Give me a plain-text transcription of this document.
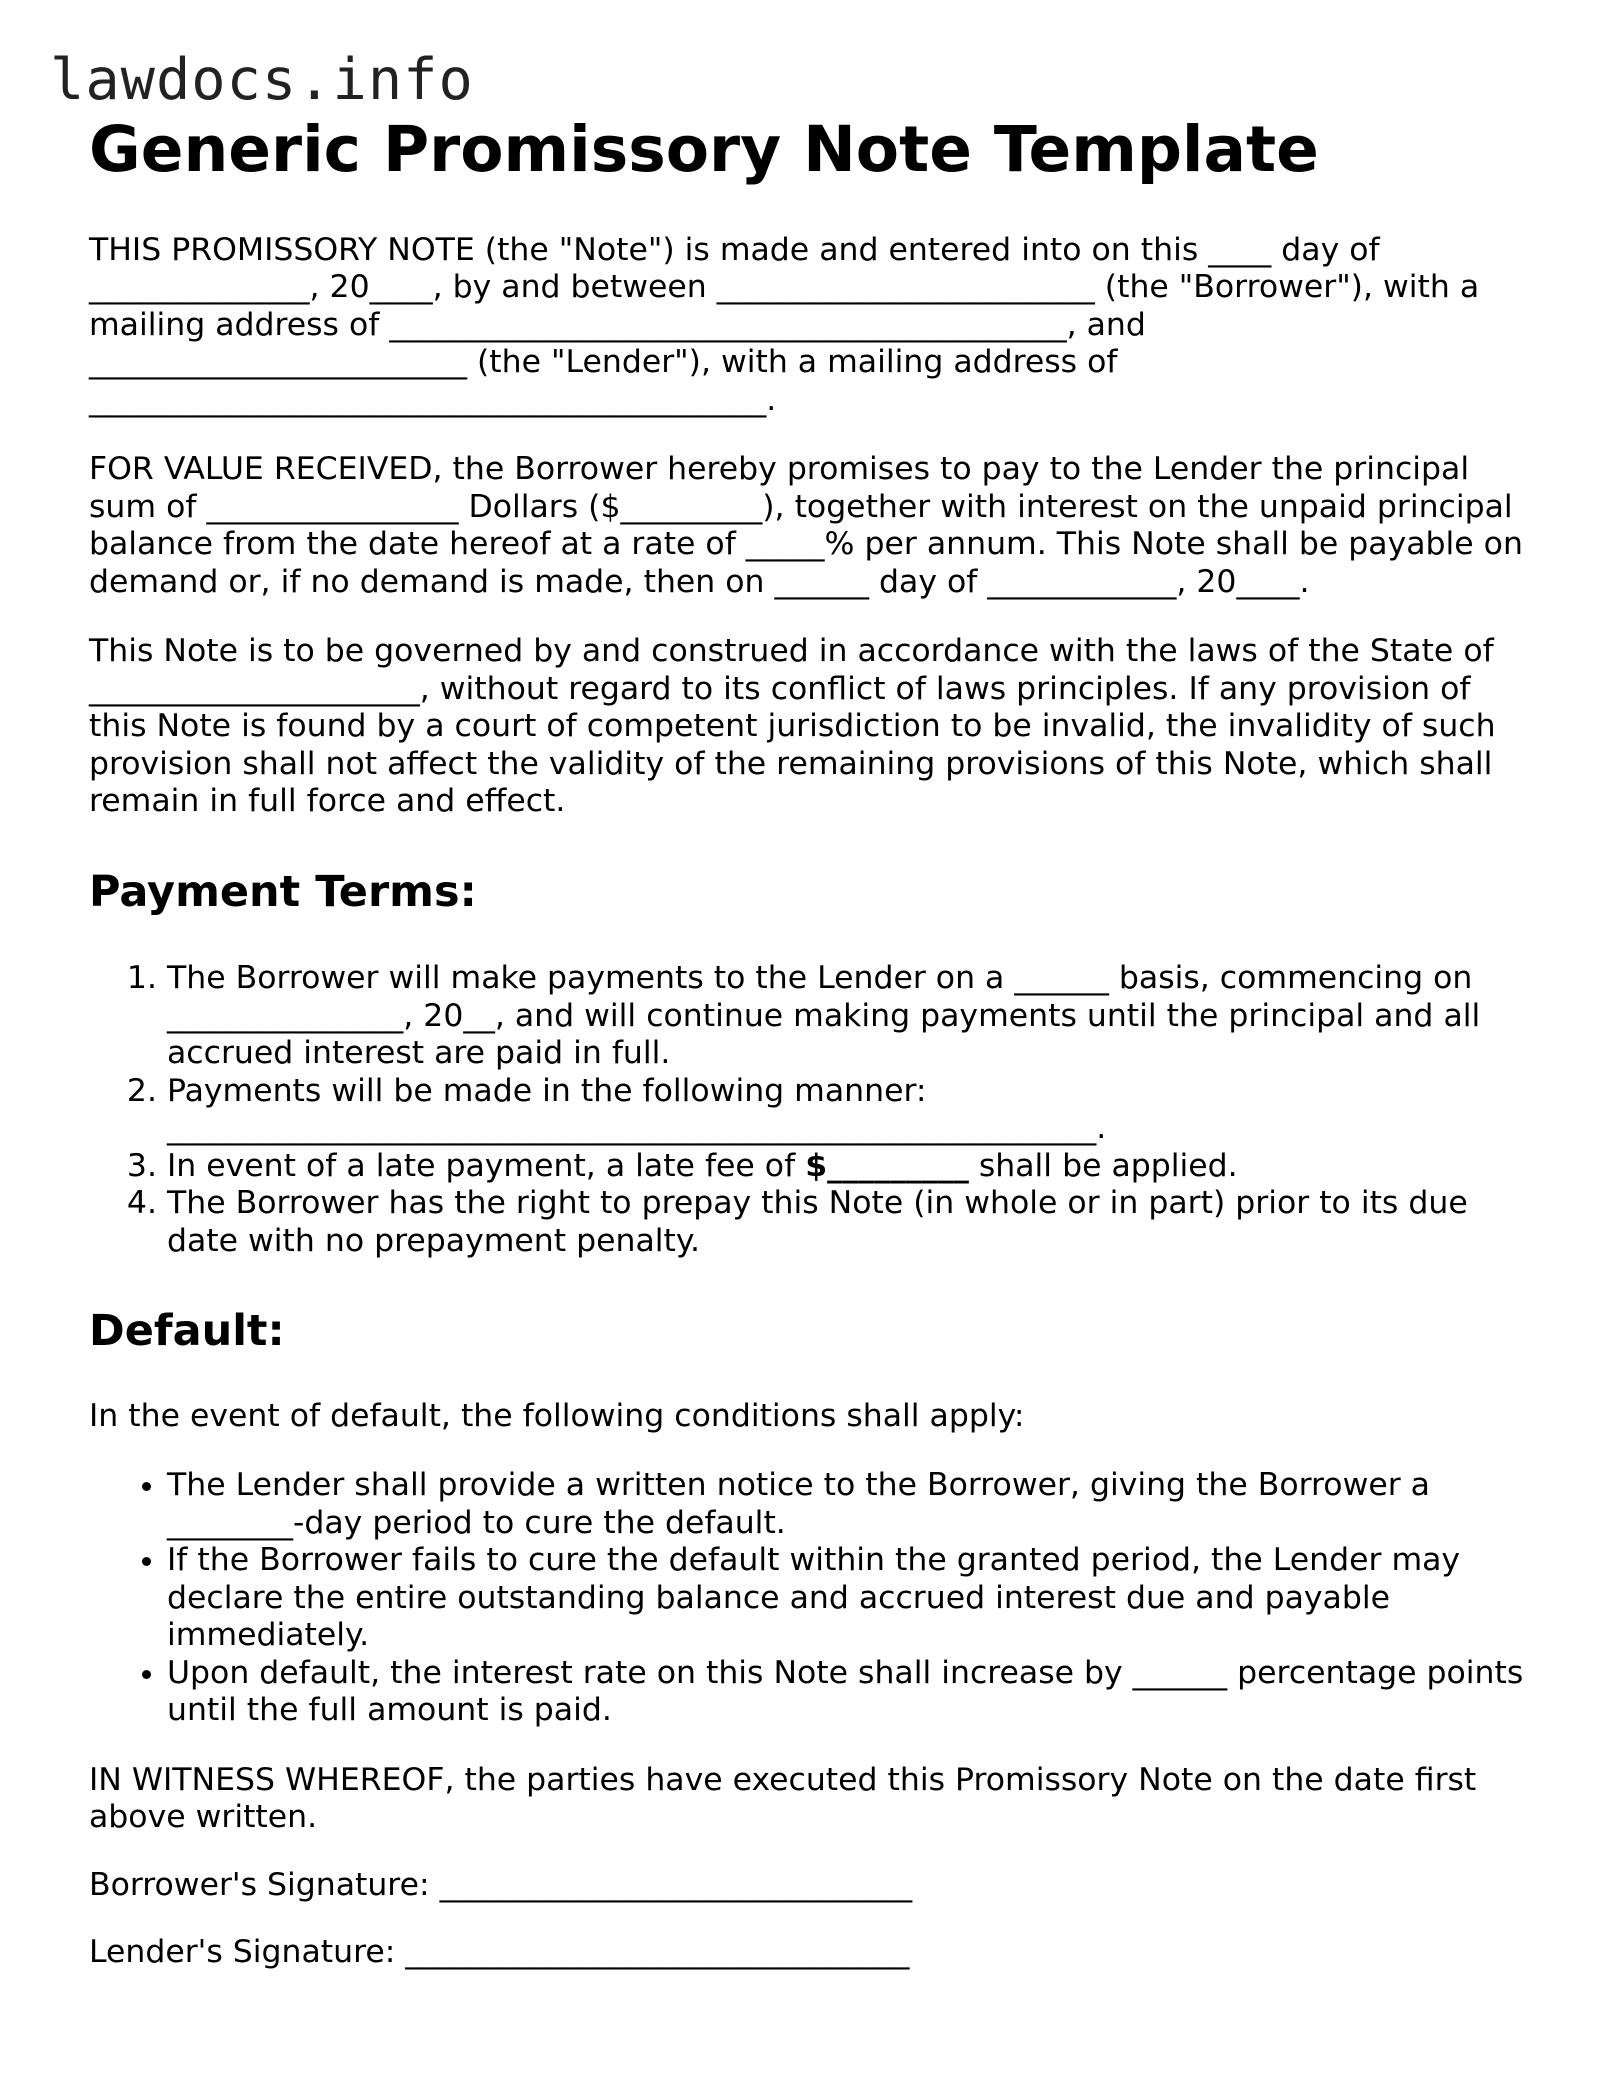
lawdocs.info
Generic Promissory Note Template

THIS PROMISSORY NOTE (the "Note") is made and entered into on this ____ day of ______________, 20____, by and between ________________________ (the "Borrower"), with a mailing address of ___________________________________________, and ________________________ (the "Lender"), with a mailing address of ___________________________________________.

FOR VALUE RECEIVED, the Borrower hereby promises to pay to the Lender the principal sum of ________________ Dollars ($_________), together with interest on the unpaid principal balance from the date hereof at a rate of _____% per annum. This Note shall be payable on demand or, if no demand is made, then on ______ day of ____________, 20____.

This Note is to be governed by and construed in accordance with the laws of the State of _____________________, without regard to its conflict of laws principles. If any provision of this Note is found by a court of competent jurisdiction to be invalid, the invalidity of such provision shall not affect the validity of the remaining provisions of this Note, which shall remain in full force and effect.

Payment Terms:
1. The Borrower will make payments to the Lender on a ______ basis, commencing on _______________, 20__, and will continue making payments until the principal and all accrued interest are paid in full.
2. Payments will be made in the following manner: ___________________________________________________________.
3. In event of a late payment, a late fee of $_________ shall be applied.
4. The Borrower has the right to prepay this Note (in whole or in part) prior to its due date with no prepayment penalty.
Default:

In the event of default, the following conditions shall apply:

• The Lender shall provide a written notice to the Borrower, giving the Borrower a ________-day period to cure the default.
• If the Borrower fails to cure the default within the granted period, the Lender may declare the entire outstanding balance and accrued interest due and payable immediately.
• Upon default, the interest rate on this Note shall increase by ______ percentage points until the full amount is paid.

IN WITNESS WHEREOF, the parties have executed this Promissory Note on the date first above written.

Borrower's Signature: ______________________________

Lender's Signature: ________________________________
